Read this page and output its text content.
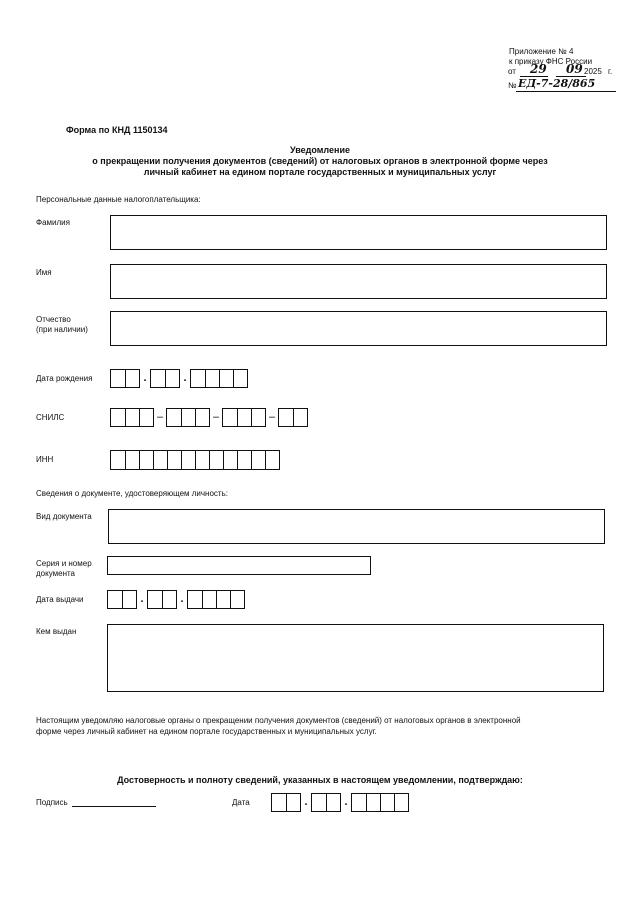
Приложение № 4
к приказу ФНС России
от 29 09 2025 г.
№ ЕД-7-28/865
Форма по КНД 1150134
Уведомление
о прекращении получения документов (сведений) от налоговых органов в электронной форме через
личный кабинет на едином портале государственных и муниципальных услуг
Персональные данные налогоплательщика:
Фамилия
Имя
Отчество
(при наличии)
Дата рождения	.	.
СНИЛС	–	–	–
ИНН
Сведения о документе, удостоверяющем личность:
Вид документа
Серия и номер
документа
Дата выдачи	.	.
Кем выдан
Настоящим уведомляю налоговые органы о прекращении получения документов (сведений) от налоговых органов в электронной
форме через личный кабинет на едином портале государственных и муниципальных услуг.
Достоверность и полноту сведений, указанных в настоящем уведомлении, подтверждаю:
Подпись	Дата	.	.
